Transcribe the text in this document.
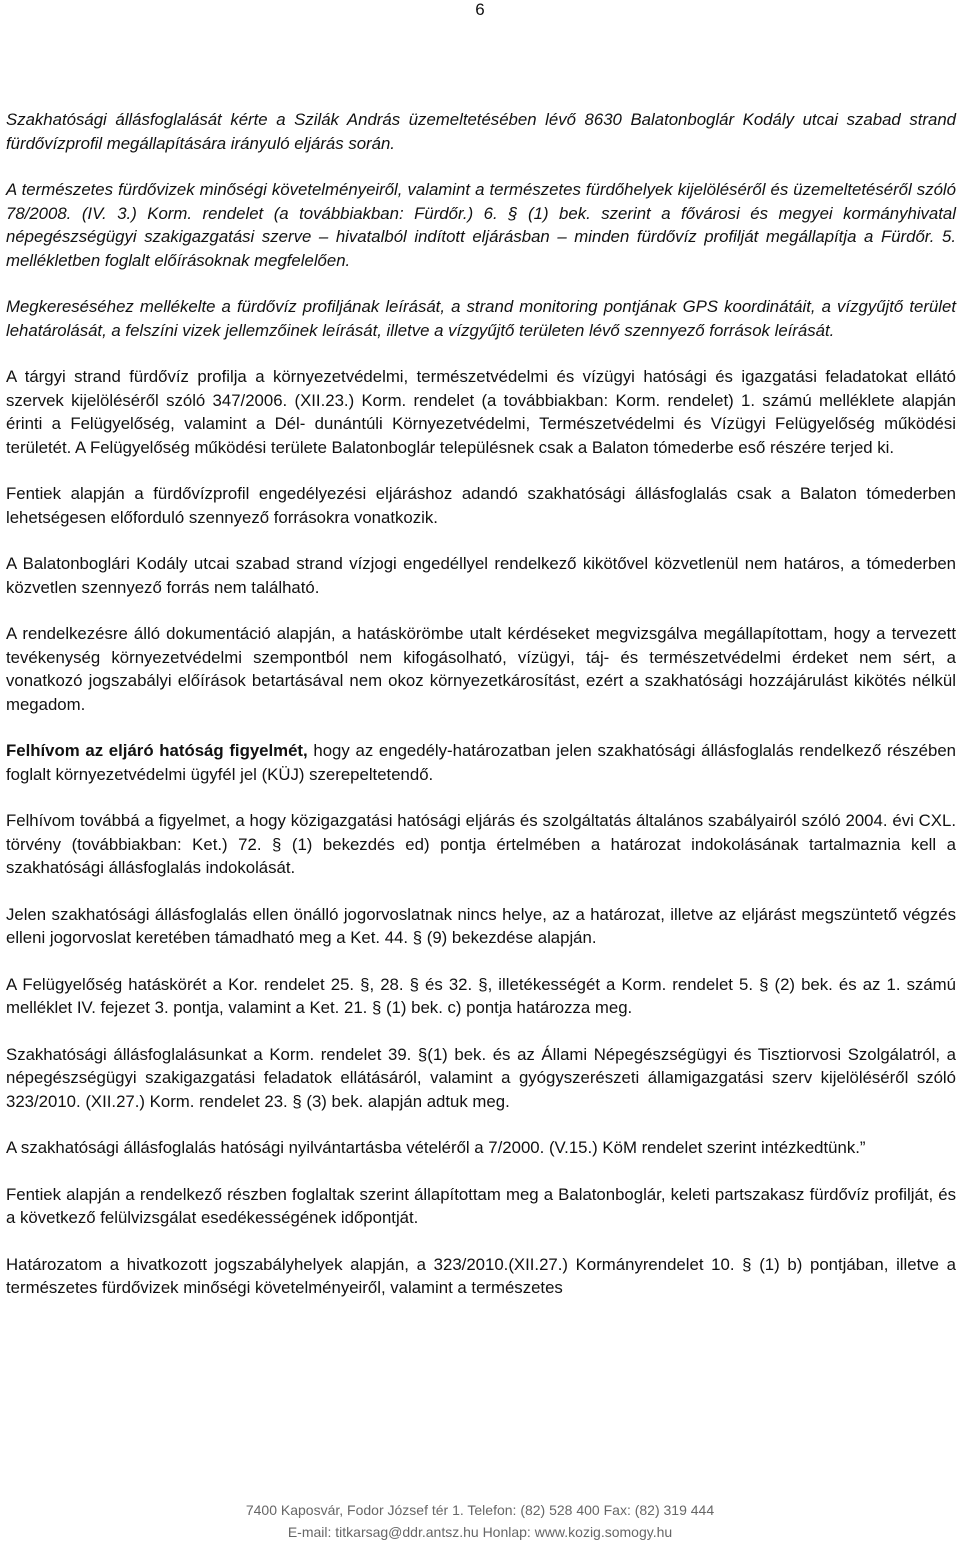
6

Szakhatósági állásfoglalását kérte a Szilák András üzemeltetésében lévő 8630 Balatonboglár Kodály utcai szabad strand fürdővízprofil megállapítására irányuló eljárás során.

A természetes fürdővizek minőségi követelményeiről, valamint a természetes fürdőhelyek kijelöléséről és üzemeltetéséről szóló 78/2008. (IV. 3.) Korm. rendelet (a továbbiakban: Fürdőr.) 6. § (1) bek. szerint a fővárosi és megyei kormányhivatal népegészségügyi szakigazgatási szerve – hivatalból indított eljárásban – minden fürdővíz profilját megállapítja a Fürdőr. 5. mellékletben foglalt előírásoknak megfelelően.

Megkereséséhez mellékelte a fürdővíz profiljának leírását, a strand monitoring pontjának GPS koordinátáit, a vízgyűjtő terület lehatárolását, a felszíni vizek jellemzőinek leírását, illetve a vízgyűjtő területen lévő szennyező források leírását.

A tárgyi strand fürdővíz profilja a környezetvédelmi, természetvédelmi és vízügyi hatósági és igazgatási feladatokat ellátó szervek kijelöléséről szóló 347/2006. (XII.23.) Korm. rendelet (a továbbiakban: Korm. rendelet) 1. számú melléklete alapján érinti a Felügyelőség, valamint a Dél- dunántúli Környezetvédelmi, Természetvédelmi és Vízügyi Felügyelőség működési területét. A Felügyelőség működési területe Balatonboglár településnek csak a Balaton tómederbe eső részére terjed ki.

Fentiek alapján a fürdővízprofil engedélyezési eljáráshoz adandó szakhatósági állásfoglalás csak a Balaton tómederben lehetségesen előforduló szennyező forrásokra vonatkozik.

A Balatonboglári Kodály utcai szabad strand vízjogi engedéllyel rendelkező kikötővel közvetlenül nem határos, a tómederben közvetlen szennyező forrás nem található.

A rendelkezésre álló dokumentáció alapján, a hatáskörömbe utalt kérdéseket megvizsgálva megállapítottam, hogy a tervezett tevékenység környezetvédelmi szempontból nem kifogásolható, vízügyi, táj- és természetvédelmi érdeket nem sért, a vonatkozó jogszabályi előírások betartásával nem okoz környezetkárosítást, ezért a szakhatósági hozzájárulást kikötés nélkül megadom.

Felhívom az eljáró hatóság figyelmét, hogy az engedély-határozatban jelen szakhatósági állásfoglalás rendelkező részében foglalt környezetvédelmi ügyfél jel (KÜJ) szerepeltetendő.

Felhívom továbbá a figyelmet, a hogy közigazgatási hatósági eljárás és szolgáltatás általános szabályairól szóló 2004. évi CXL. törvény (továbbiakban: Ket.) 72. § (1) bekezdés ed) pontja értelmében a határozat indokolásának tartalmaznia kell a szakhatósági állásfoglalás indokolását.

Jelen szakhatósági állásfoglalás ellen önálló jogorvoslatnak nincs helye, az a határozat, illetve az eljárást megszüntető végzés elleni jogorvoslat keretében támadható meg a Ket. 44. § (9) bekezdése alapján.

A Felügyelőség hatáskörét a Kor. rendelet 25. §, 28. § és 32. §, illetékességét a Korm. rendelet 5. § (2) bek. és az 1. számú melléklet IV. fejezet 3. pontja, valamint a Ket. 21. § (1) bek. c) pontja határozza meg.

Szakhatósági állásfoglalásunkat a Korm. rendelet 39. §(1) bek. és az Állami Népegészségügyi és Tisztiorvosi Szolgálatról, a népegészségügyi szakigazgatási feladatok ellátásáról, valamint a gyógyszerészeti államigazgatási szerv kijelöléséről szóló 323/2010. (XII.27.) Korm. rendelet 23. § (3) bek. alapján adtuk meg.

A szakhatósági állásfoglalás hatósági nyilvántartásba vételéről a 7/2000. (V.15.) KöM rendelet szerint intézkedtünk.”

Fentiek alapján a rendelkező részben foglaltak szerint állapítottam meg a Balatonboglár, keleti partszakasz fürdővíz profilját, és a következő felülvizsgálat esedékességének időpontját.

Határozatom a hivatkozott jogszabályhelyek alapján, a 323/2010.(XII.27.) Kormányrendelet 10. § (1) b) pontjában, illetve a természetes fürdővizek minőségi követelményeiről, valamint a természetes

7400 Kaposvár, Fodor József tér 1. Telefon: (82) 528 400 Fax: (82) 319 444
E-mail: titkarsag@ddr.antsz.hu Honlap: www.kozig.somogy.hu
